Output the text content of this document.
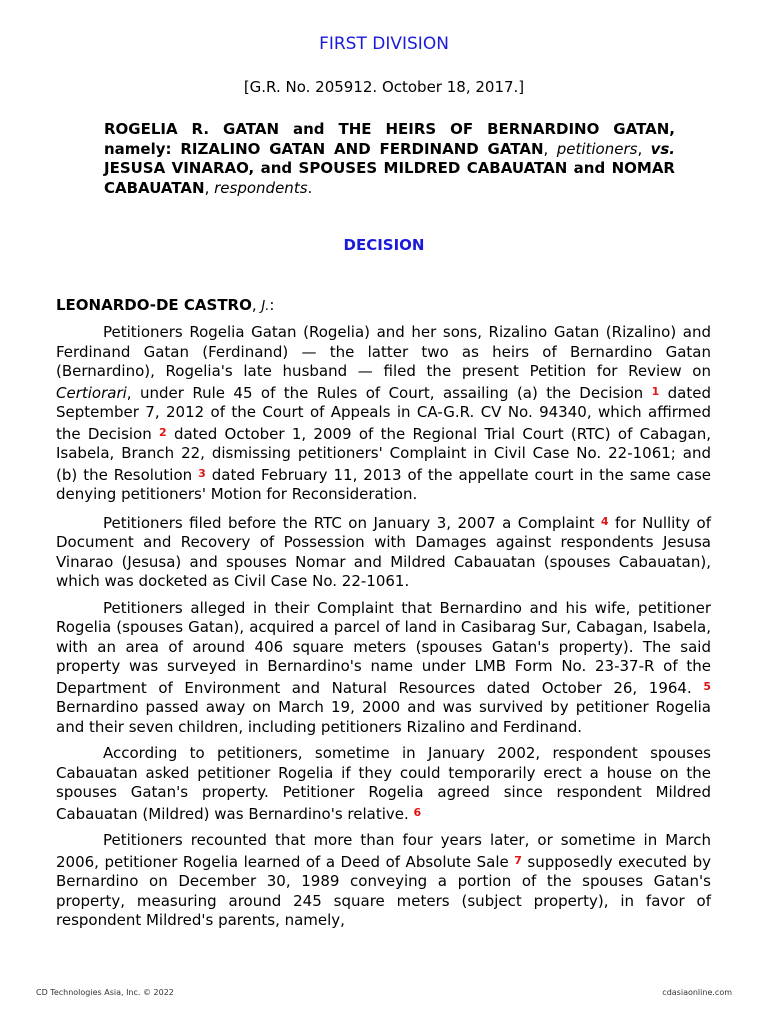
FIRST DIVISION
[G.R. No. 205912. October 18, 2017.]
ROGELIA R. GATAN and THE HEIRS OF BERNARDINO GATAN, namely: RIZALINO GATAN AND FERDINAND GATAN, petitioners, vs. JESUSA VINARAO, and SPOUSES MILDRED CABAUATAN and NOMAR CABAUATAN, respondents.
DECISION
LEONARDO-DE CASTRO, J.:

Petitioners Rogelia Gatan (Rogelia) and her sons, Rizalino Gatan (Rizalino) and Ferdinand Gatan (Ferdinand) — the latter two as heirs of Bernardino Gatan (Bernardino), Rogelia's late husband — filed the present Petition for Review on Certiorari, under Rule 45 of the Rules of Court, assailing (a) the Decision $^1$ dated September 7, 2012 of the Court of Appeals in CA-G.R. CV No. 94340, which affirmed the Decision $^2$ dated October 1, 2009 of the Regional Trial Court (RTC) of Cabagan, Isabela, Branch 22, dismissing petitioners' Complaint in Civil Case No. 22-1061; and (b) the Resolution $^3$ dated February 11, 2013 of the appellate court in the same case denying petitioners' Motion for Reconsideration.

Petitioners filed before the RTC on January 3, 2007 a Complaint $^4$ for Nullity of Document and Recovery of Possession with Damages against respondents Jesusa Vinarao (Jesusa) and spouses Nomar and Mildred Cabauatan (spouses Cabauatan), which was docketed as Civil Case No. 22-1061.

Petitioners alleged in their Complaint that Bernardino and his wife, petitioner Rogelia (spouses Gatan), acquired a parcel of land in Casibarag Sur, Cabagan, Isabela, with an area of around 406 square meters (spouses Gatan's property). The said property was surveyed in Bernardino's name under LMB Form No. 23-37-R of the Department of Environment and Natural Resources dated October 26, 1964. $^5$ Bernardino passed away on March 19, 2000 and was survived by petitioner Rogelia and their seven children, including petitioners Rizalino and Ferdinand.

According to petitioners, sometime in January 2002, respondent spouses Cabauatan asked petitioner Rogelia if they could temporarily erect a house on the spouses Gatan's property. Petitioner Rogelia agreed since respondent Mildred Cabauatan (Mildred) was Bernardino's relative. $^6$

Petitioners recounted that more than four years later, or sometime in March 2006, petitioner Rogelia learned of a Deed of Absolute Sale $^7$ supposedly executed by Bernardino on December 30, 1989 conveying a portion of the spouses Gatan's property, measuring around 245 square meters (subject property), in favor of respondent Mildred's parents, namely,

CD Technologies Asia, Inc. © 2022	cdasiaonline.com
